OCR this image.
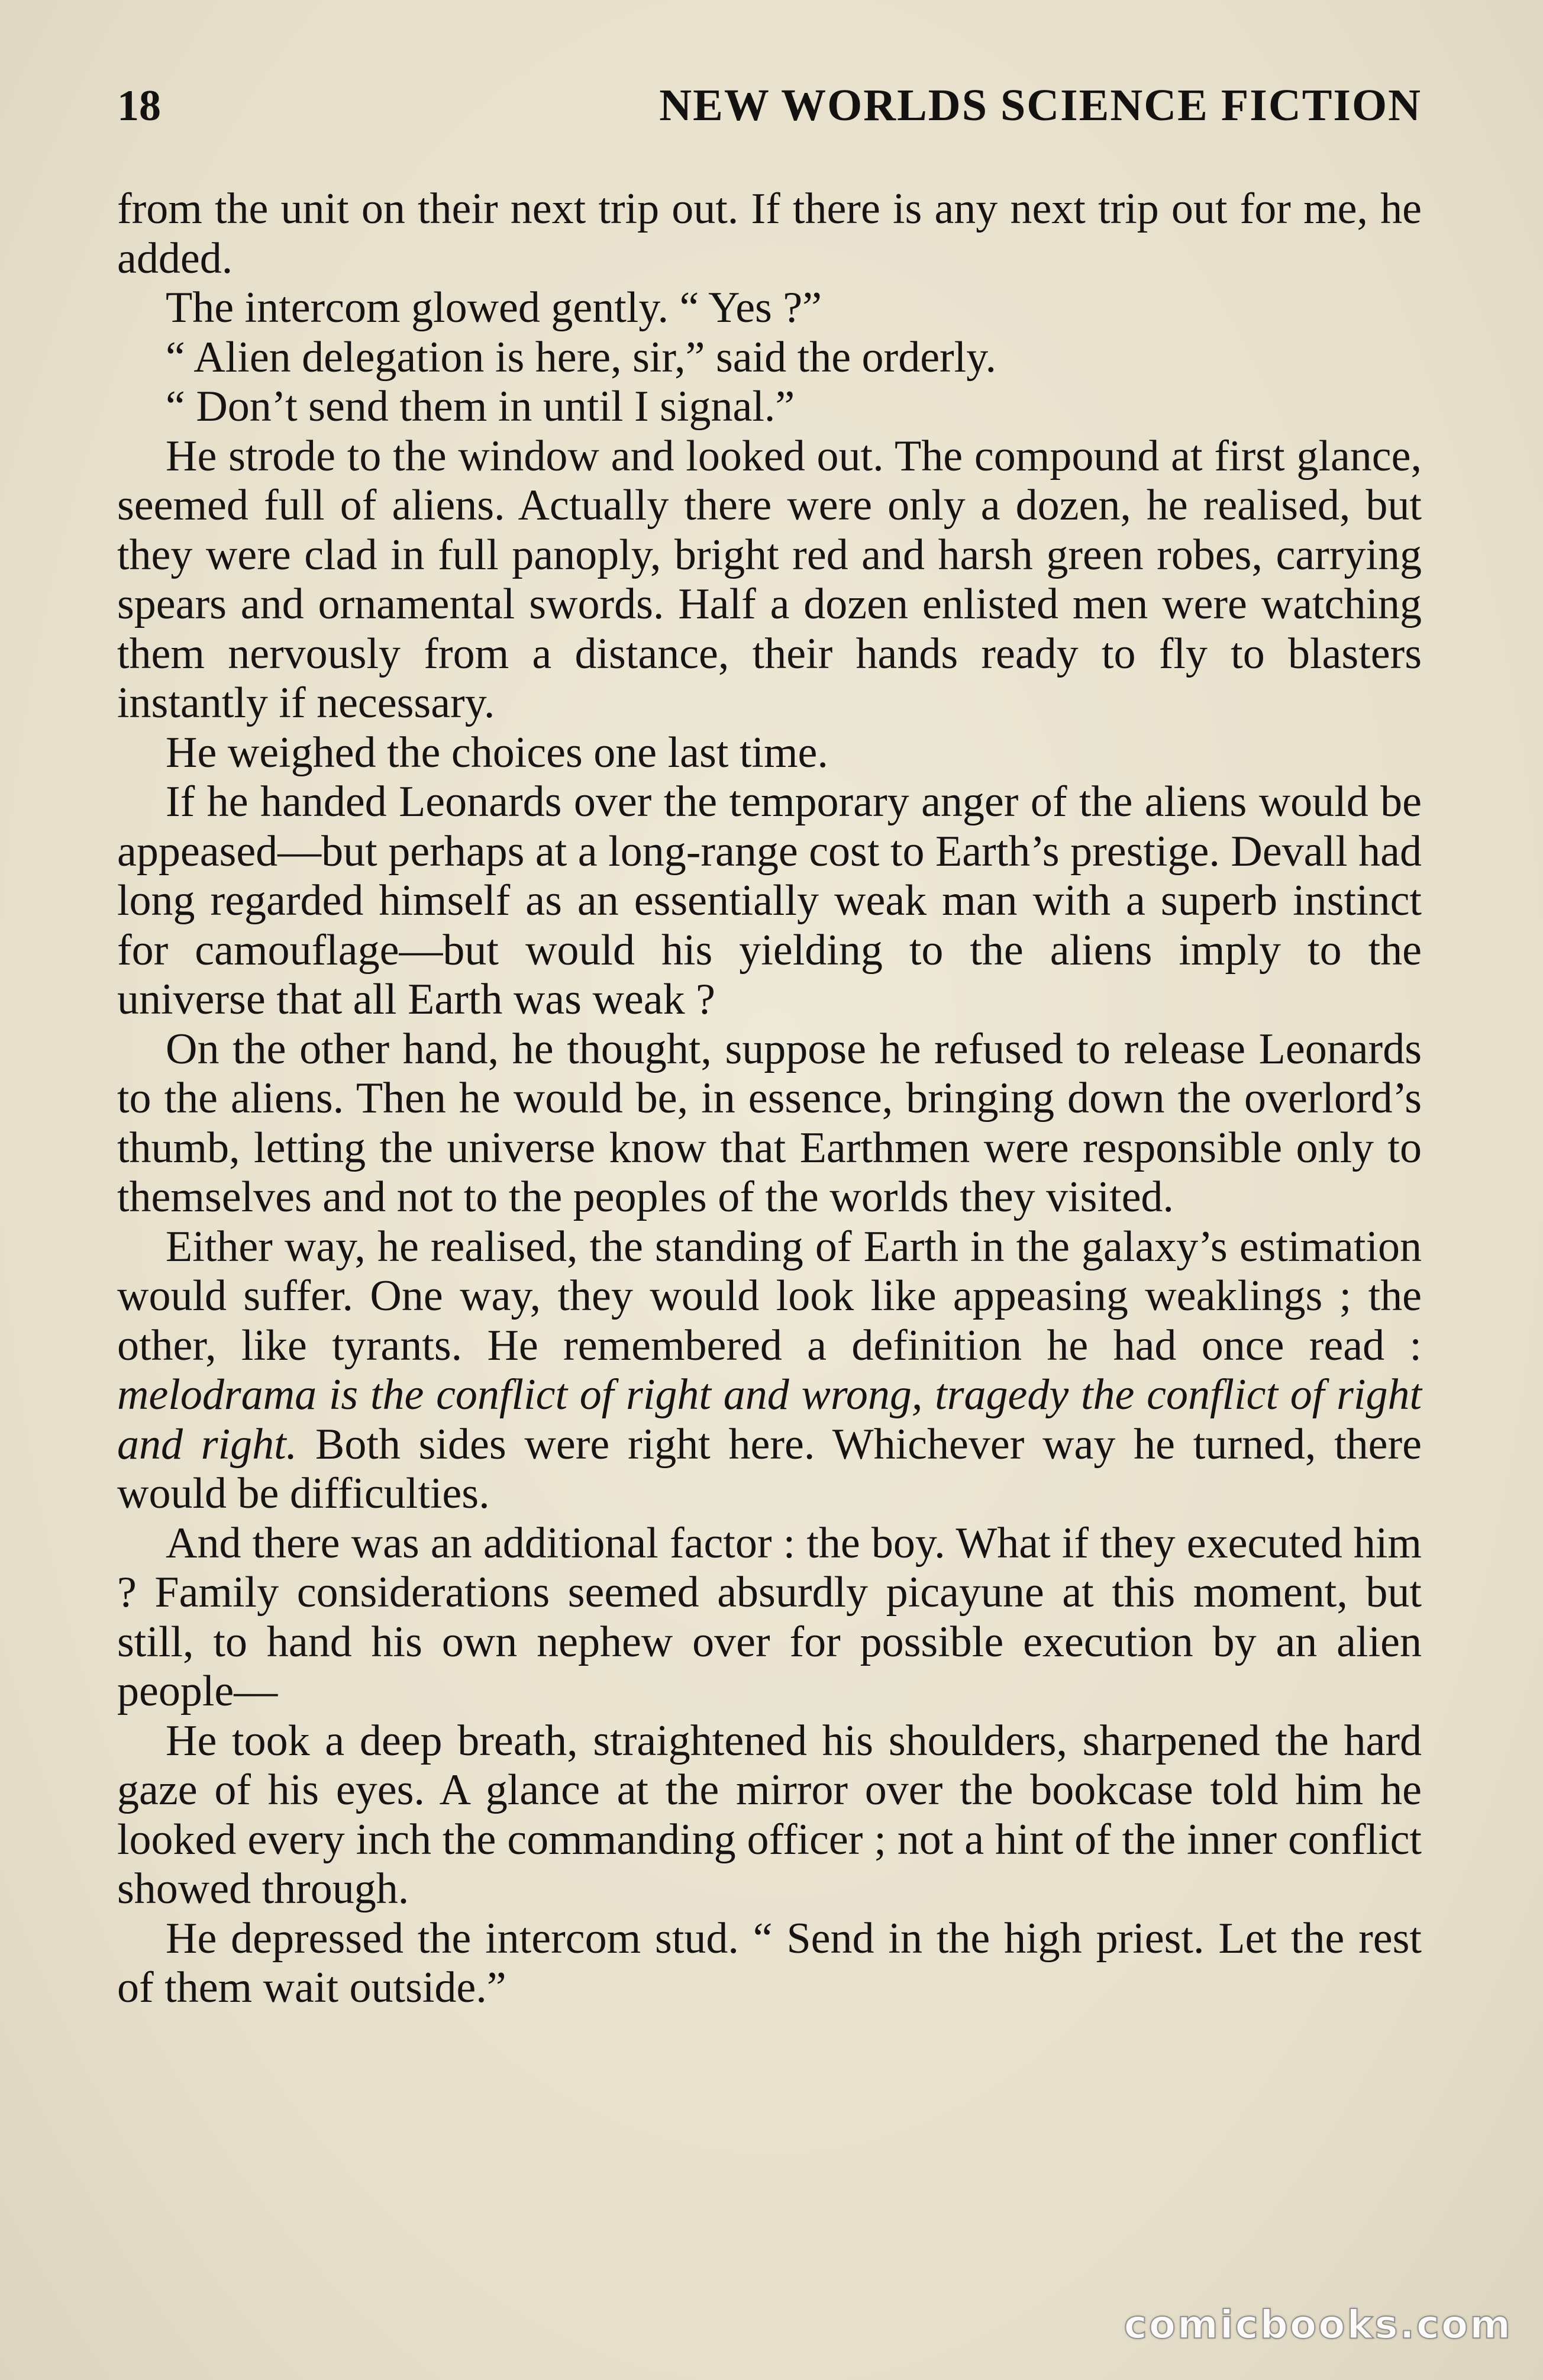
18	NEW WORLDS SCIENCE FICTION

from the unit on their next trip out. If there is any next trip out for me, he added.

The intercom glowed gently. “ Yes ?”

“ Alien delegation is here, sir,” said the orderly.

“ Don’t send them in until I signal.”

He strode to the window and looked out. The compound at first glance, seemed full of aliens. Actually there were only a dozen, he realised, but they were clad in full panoply, bright red and harsh green robes, carrying spears and ornamental swords. Half a dozen enlisted men were watching them nervously from a distance, their hands ready to fly to blasters instantly if necessary.

He weighed the choices one last time.

If he handed Leonards over the temporary anger of the aliens would be appeased—but perhaps at a long-range cost to Earth’s prestige. Devall had long regarded himself as an essentially weak man with a superb instinct for camouflage—but would his yielding to the aliens imply to the universe that all Earth was weak ?

On the other hand, he thought, suppose he refused to release Leonards to the aliens. Then he would be, in essence, bringing down the overlord’s thumb, letting the universe know that Earthmen were responsible only to themselves and not to the peoples of the worlds they visited.

Either way, he realised, the standing of Earth in the galaxy’s estimation would suffer. One way, they would look like appeasing weaklings ; the other, like tyrants. He remembered a definition he had once read : melodrama is the conflict of right and wrong, tragedy the conflict of right and right. Both sides were right here. Whichever way he turned, there would be difficulties.

And there was an additional factor : the boy. What if they executed him ? Family considerations seemed absurdly picayune at this moment, but still, to hand his own nephew over for possible execution by an alien people—

He took a deep breath, straightened his shoulders, sharpened the hard gaze of his eyes. A glance at the mirror over the bookcase told him he looked every inch the commanding officer ; not a hint of the inner conflict showed through.

He depressed the intercom stud. “ Send in the high priest. Let the rest of them wait outside.”

comicbooks.com
